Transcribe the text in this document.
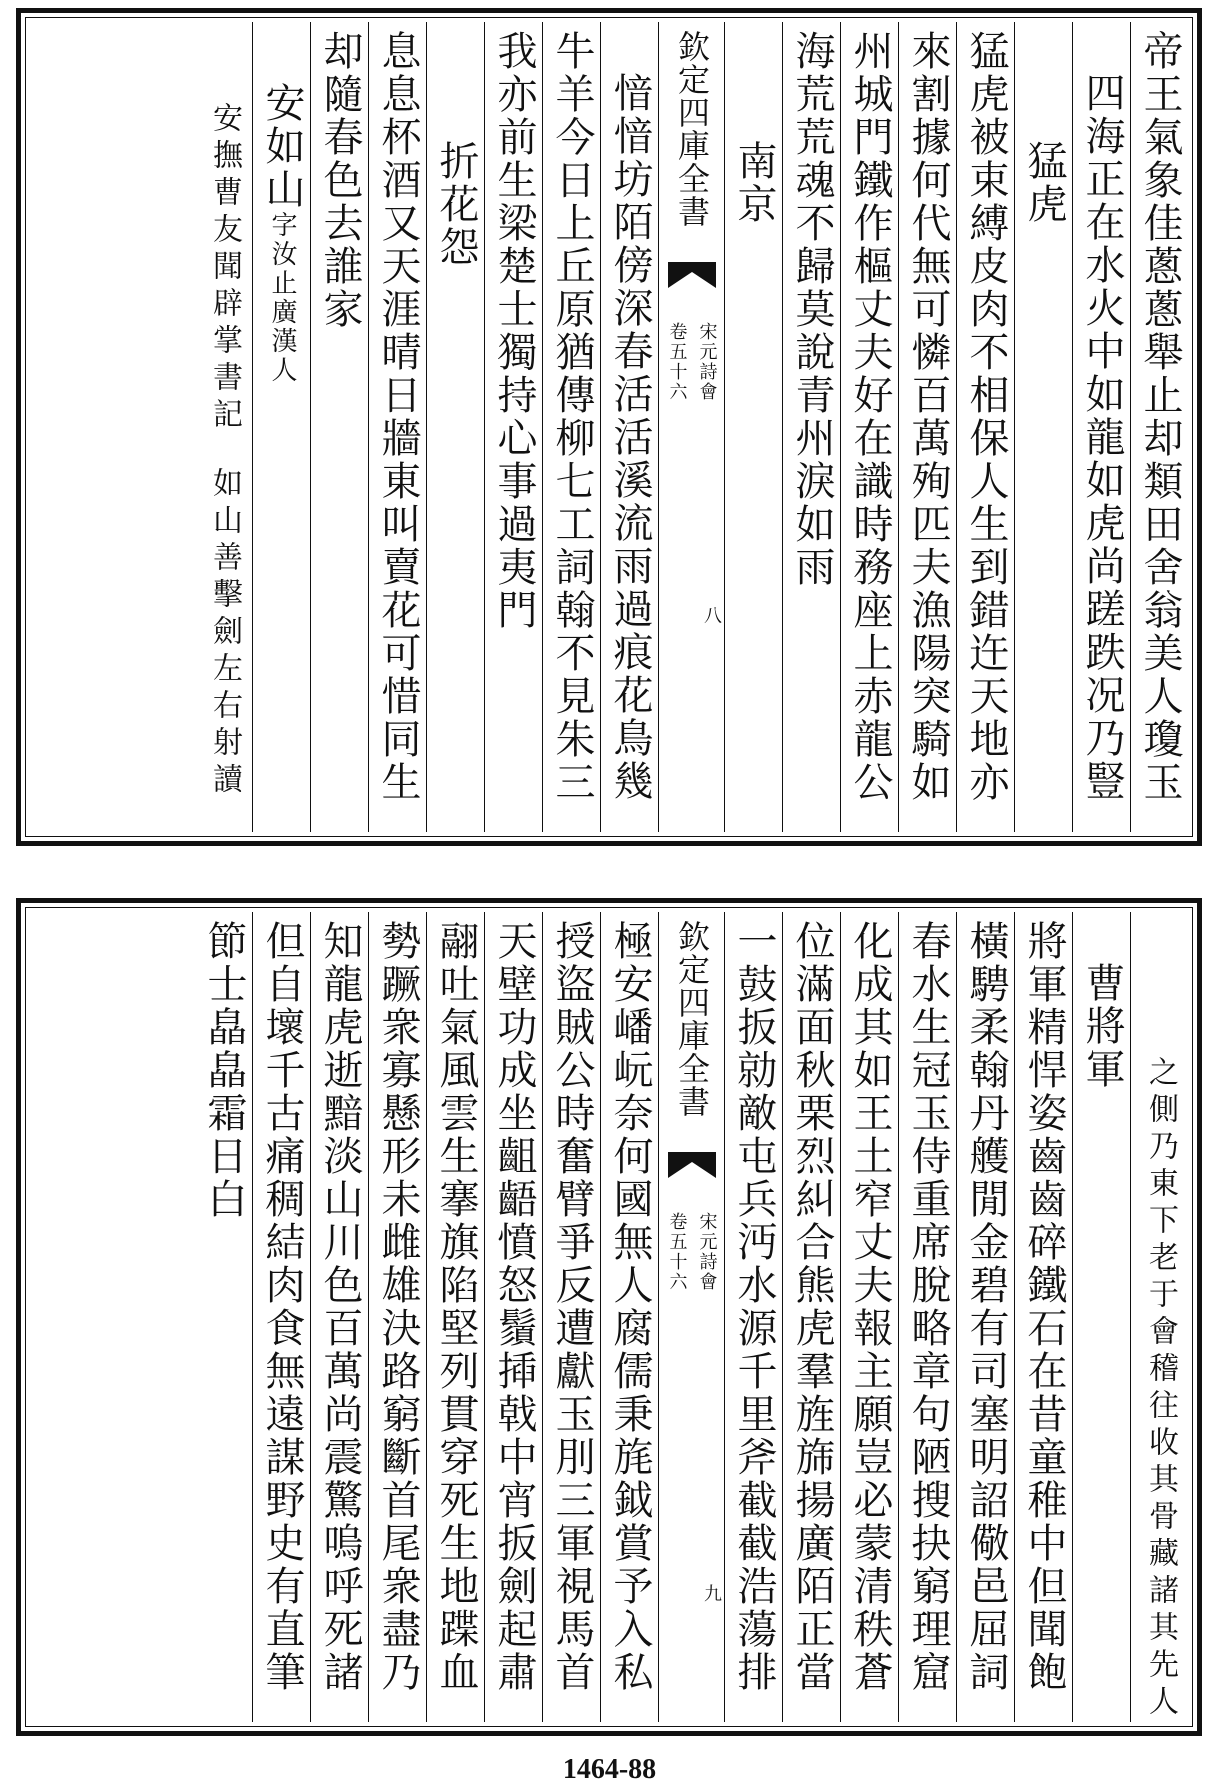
帝王氣象佳蔥蔥舉止却類田舍翁美人瓊玉
四海正在水火中如龍如虎尚蹉跌况乃豎
猛虎
猛虎被束縛皮肉不相保人生到錯迕天地亦
來割據何代無可憐百萬殉匹夫漁陽突騎如
州城門鐵作樞丈夫好在識時務座上赤龍公
海荒荒魂不歸莫說青州淚如雨
南京
欽定四庫全書
宋元詩會
卷五十六
八
愔愔坊陌傍深春活活溪流雨過痕花鳥幾
牛羊今日上丘原猶傳柳七工詞翰不見朱三
我亦前生梁楚士獨持心事過夷門
折花怨
息息杯酒又天涯晴日牆東叫賣花可惜同生
却隨春色去誰家
安如山字汝止廣漢人
如山善擊劍左右射讀
安撫曹友聞辟掌書記
往收其骨藏諸其先人
之側乃東下老于會稽
曹將軍
將軍精悍姿齒齒碎鐵石在昔童稚中但聞飽
橫騁柔翰丹艧閒金碧有司塞明詔儆邑屈詞
春水生冠玉侍重席脫略章句陋搜抉窮理窟
化成其如王土窄丈夫報主願豈必蒙清秩蒼
位滿面秋栗烈糾合熊虎羣旌旆揚廣陌正當
一鼓扳勍敵屯兵沔水源千里斧截截浩蕩排
欽定四庫全書
宋元詩會
卷五十六
九
極安嶓岏奈何國無人腐儒秉旄鉞賞予入私
授盜賊公時奮臂爭反遭獻玉刖三軍視馬首
天壁功成坐齟齬憤怒鬚揷戟中宵扳劍起肅
翮吐氣風雲生搴旗陷堅列貫穿死生地蹀血
勢蹶衆寡懸形未雌雄決路窮斷首尾衆盡乃
知龍虎逝黯淡山川色百萬尚震驚嗚呼死諸
但自壞千古痛稠結肉食無遠謀野史有直筆
節士皛皛霜日白
1464-88
